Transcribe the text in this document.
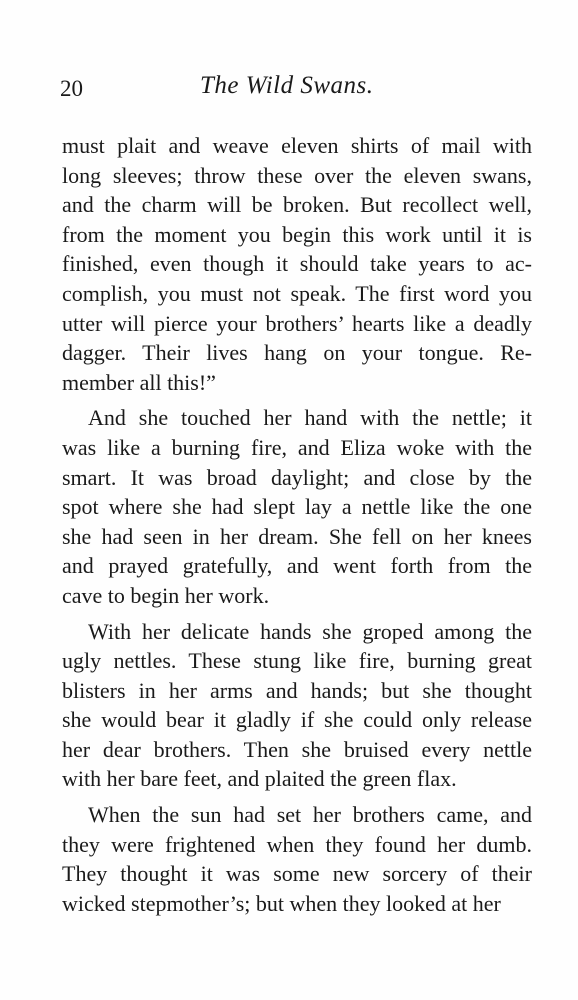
20	The Wild Swans.
must plait and weave eleven shirts of mail with
long sleeves; throw these over the eleven swans,
and the charm will be broken. But recollect well,
from the moment you begin this work until it is
finished, even though it should take years to ac-
complish, you must not speak. The first word you
utter will pierce your brothers’ hearts like a deadly
dagger. Their lives hang on your tongue. Re-
member all this!”
And she touched her hand with the nettle; it
was like a burning fire, and Eliza woke with the
smart. It was broad daylight; and close by the
spot where she had slept lay a nettle like the one
she had seen in her dream. She fell on her knees
and prayed gratefully, and went forth from the
cave to begin her work.
With her delicate hands she groped among the
ugly nettles. These stung like fire, burning great
blisters in her arms and hands; but she thought
she would bear it gladly if she could only release
her dear brothers. Then she bruised every nettle
with her bare feet, and plaited the green flax.
When the sun had set her brothers came, and
they were frightened when they found her dumb.
They thought it was some new sorcery of their
wicked stepmother’s; but when they looked at her
